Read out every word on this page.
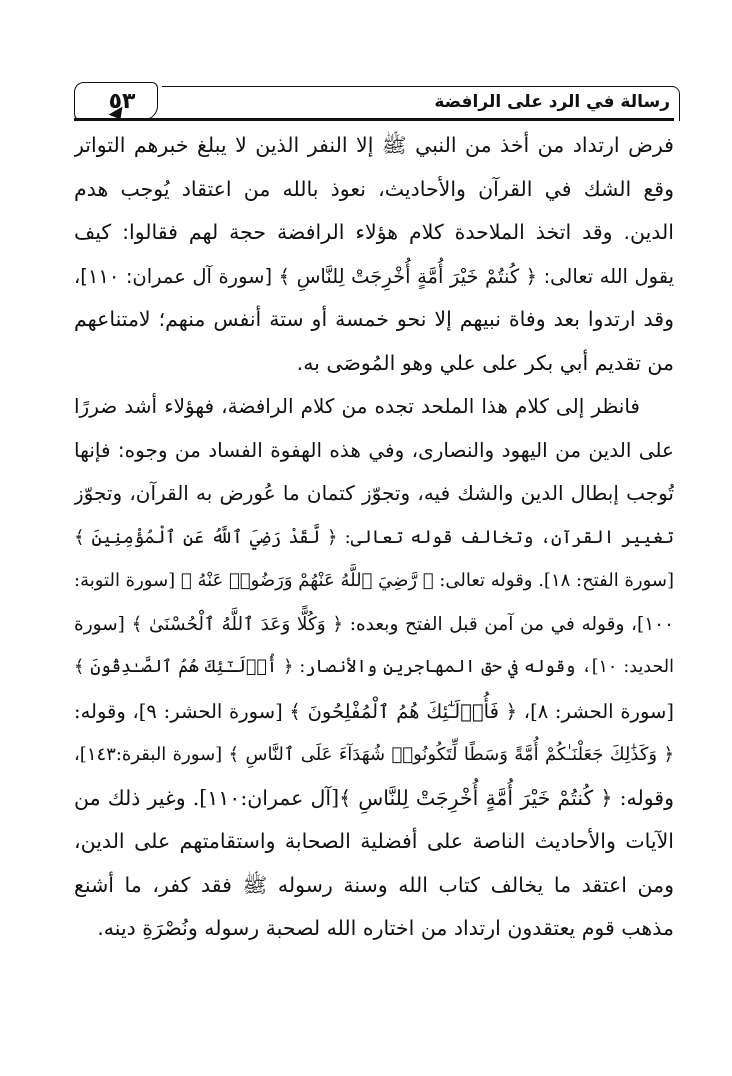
٥٣	رسالة في الرد على الرافضة

فرض ارتداد من أخذ من النبي ﷺ إلا النفر الذين لا يبلغ خبرهم التواتر
وقع الشك في القرآن والأحاديث، نعوذ بالله من اعتقاد يُوجب هدم
الدين. وقد اتخذ الملاحدة كلام هؤلاء الرافضة حجة لهم فقالوا: كيف
يقول الله تعالى: ﴿ كُنتُمْ خَيْرَ أُمَّةٍ أُخْرِجَتْ لِلنَّاسِ ﴾ [سورة آل عمران: ١١٠]،
وقد ارتدوا بعد وفاة نبيهم إلا نحو خمسة أو ستة أنفس منهم؛ لامتناعهم
من تقديم أبي بكر على علي وهو المُوصَى به.

فانظر إلى كلام هذا الملحد تجده من كلام الرافضة، فهؤلاء أشد ضررًا
على الدين من اليهود والنصارى، وفي هذه الهفوة الفساد من وجوه: فإنها
تُوجب إبطال الدين والشك فيه، وتجوّز كتمان ما عُورض به القرآن، وتجوّز
تغيير القرآن، وتخالف قوله تعالى: ﴿ لَّقَدْ رَضِيَ ٱللَّهُ عَنِ ٱلْمُؤْمِنِينَ ﴾
[سورة الفتح: ١٨]. وقوله تعالى: ﴿ رَّضِيَ ٱللَّهُ عَنْهُمْ وَرَضُوا۟ عَنْهُ ﴾ [سورة التوبة:
١٠٠]، وقوله في من آمن قبل الفتح وبعده: ﴿ وَكُلًّا وَعَدَ ٱللَّهُ ٱلْحُسْنَىٰ ﴾ [سورة
الحديد: ١٠]، وقوله في حق المهاجرين والأنصار: ﴿ أُو۟لَـٰٓئِكَ هُمُ ٱلصَّـٰدِقُونَ ﴾
[سورة الحشر: ٨]، ﴿ فَأُو۟لَـٰٓئِكَ هُمُ ٱلْمُفْلِحُونَ ﴾ [سورة الحشر: ٩]، وقوله:
﴿ وَكَذَٰلِكَ جَعَلْنَـٰكُمْ أُمَّةً وَسَطًا لِّتَكُونُوا۟ شُهَدَآءَ عَلَى ٱلنَّاسِ ﴾ [سورة البقرة:١٤٣]،
وقوله: ﴿ كُنتُمْ خَيْرَ أُمَّةٍ أُخْرِجَتْ لِلنَّاسِ ﴾[آل عمران:١١٠]. وغير ذلك من
الآيات والأحاديث الناصة على أفضلية الصحابة واستقامتهم على الدين،
ومن اعتقد ما يخالف كتاب الله وسنة رسوله ﷺ فقد كفر، ما أشنع
مذهب قوم يعتقدون ارتداد من اختاره الله لصحبة رسوله ونُصْرَةِ دينه.
